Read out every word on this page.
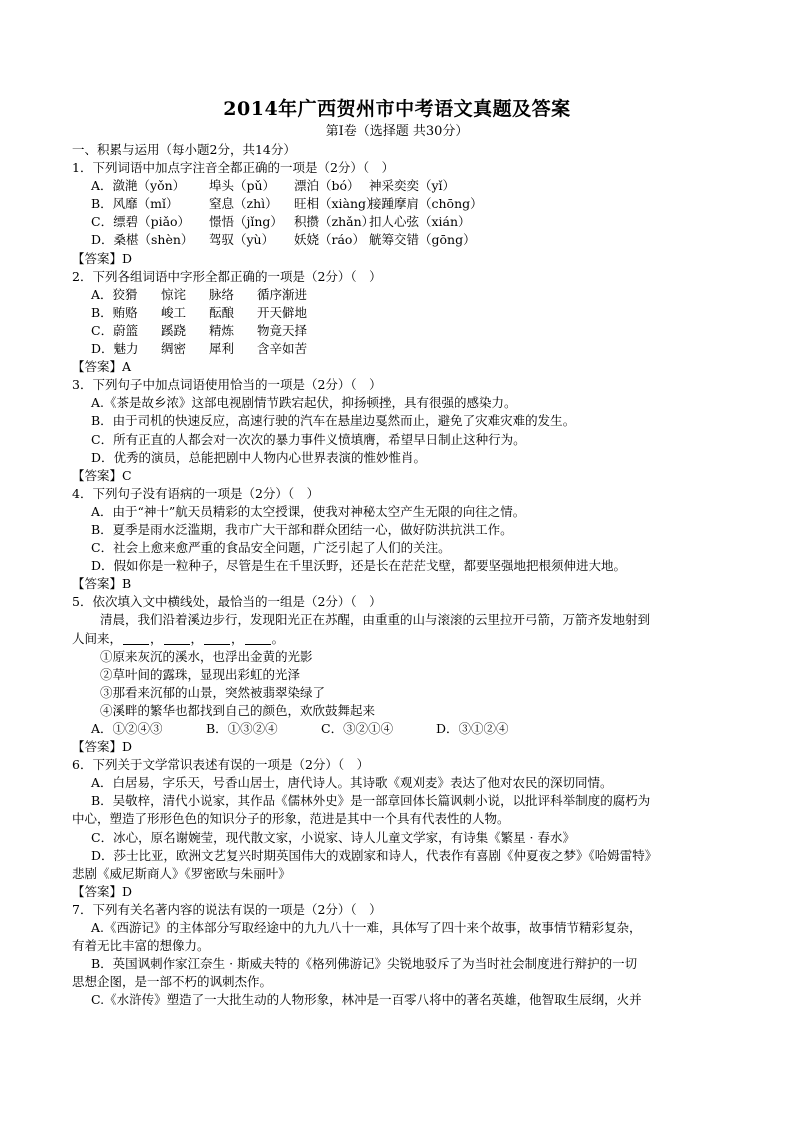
2014年广西贺州市中考语文真题及答案
第Ⅰ卷（选择题 共30分）
一、积累与运用（每小题2分，共14分）
1．下列词语中加点字注音全都正确的一项是（2分）（　）
A．潋滟（yǒn） 埠头（pǔ） 漂泊（bó） 神采奕奕（yǐ）
B．风靡（mǐ） 窒息（zhì） 旺相（xiàng）接踵摩肩（chōng）
C．缥碧（piǎo） 憬悟（jǐng） 积攒（zhǎn）扣人心弦（xián）
D．桑椹（shèn） 驾驭（yù） 妖娆（ráo） 觥筹交错（gōng）
【答案】D
2．下列各组词语中字形全都正确的一项是（2分）（　）
A．狡猾 惊诧 脉络 循序渐进
B．贿赂 峻工 酝酿 开天僻地
C．蔚篮 蹊跷 精炼 物竟天择
D．魅力 绸密 犀利 含辛如苦
【答案】A
3．下列句子中加点词语使用恰当的一项是（2分）（　）
A.《茶是故乡浓》这部电视剧情节跌宕起伏，抑扬顿挫，具有很强的感染力。
B．由于司机的快速反应，高速行驶的汽车在悬崖边戛然而止，避免了灾难灾难的发生。
C．所有正直的人都会对一次次的暴力事件义愤填膺，希望早日制止这种行为。
D．优秀的演员，总能把剧中人物内心世界表演的惟妙惟肖。
【答案】C
4．下列句子没有语病的一项是（2分）（　）
A．由于“神十”航天员精彩的太空授课，使我对神秘太空产生无限的向往之情。
B．夏季是雨水泛滥期，我市广大干部和群众团结一心，做好防洪抗洪工作。
C．社会上愈来愈严重的食品安全问题，广泛引起了人们的关注。
D．假如你是一粒种子，尽管是生在千里沃野，还是长在茫茫戈壁，都要坚强地把根须伸进大地。
【答案】B
5．依次填入文中横线处，最恰当的一组是（2分）（　）
清晨，我们沿着溪边步行，发现阳光正在苏醒，由重重的山与滚滚的云里拉开弓箭，万箭齐发地射到
人间来， ， ， ， 。
①原来灰沉的溪水，也浮出金黄的光影
②草叶间的露珠，显现出彩虹的光泽
③那看来沉郁的山景，突然被翡翠染绿了
④溪畔的繁华也都找到自己的颜色，欢欣鼓舞起来
A．①②④③	B．①③②④	C．③②①④	D．③①②④
【答案】D
6．下列关于文学常识表述有误的一项是（2分）（　）
A．白居易，字乐天，号香山居士，唐代诗人。其诗歌《观刈麦》表达了他对农民的深切同情。
B．吴敬梓，清代小说家，其作品《儒林外史》是一部章回体长篇讽刺小说，以批评科举制度的腐朽为
中心，塑造了形形色色的知识分子的形象，范进是其中一个具有代表性的人物。
C．冰心，原名谢婉莹，现代散文家，小说家、诗人儿童文学家，有诗集《繁星 · 春水》
D．莎士比亚，欧洲文艺复兴时期英国伟大的戏剧家和诗人，代表作有喜剧《仲夏夜之梦》《哈姆雷特》
悲剧《威尼斯商人》《罗密欧与朱丽叶》
【答案】D
7．下列有关名著内容的说法有误的一项是（2分）（　）
A.《西游记》的主体部分写取经途中的九九八十一难，具体写了四十来个故事，故事情节精彩复杂，
有着无比丰富的想像力。
B．英国讽刺作家江奈生 · 斯威夫特的《格列佛游记》尖锐地驳斥了为当时社会制度进行辩护的一切
思想企图，是一部不朽的讽刺杰作。
C.《水浒传》塑造了一大批生动的人物形象，林冲是一百零八将中的著名英雄，他智取生辰纲，火并
